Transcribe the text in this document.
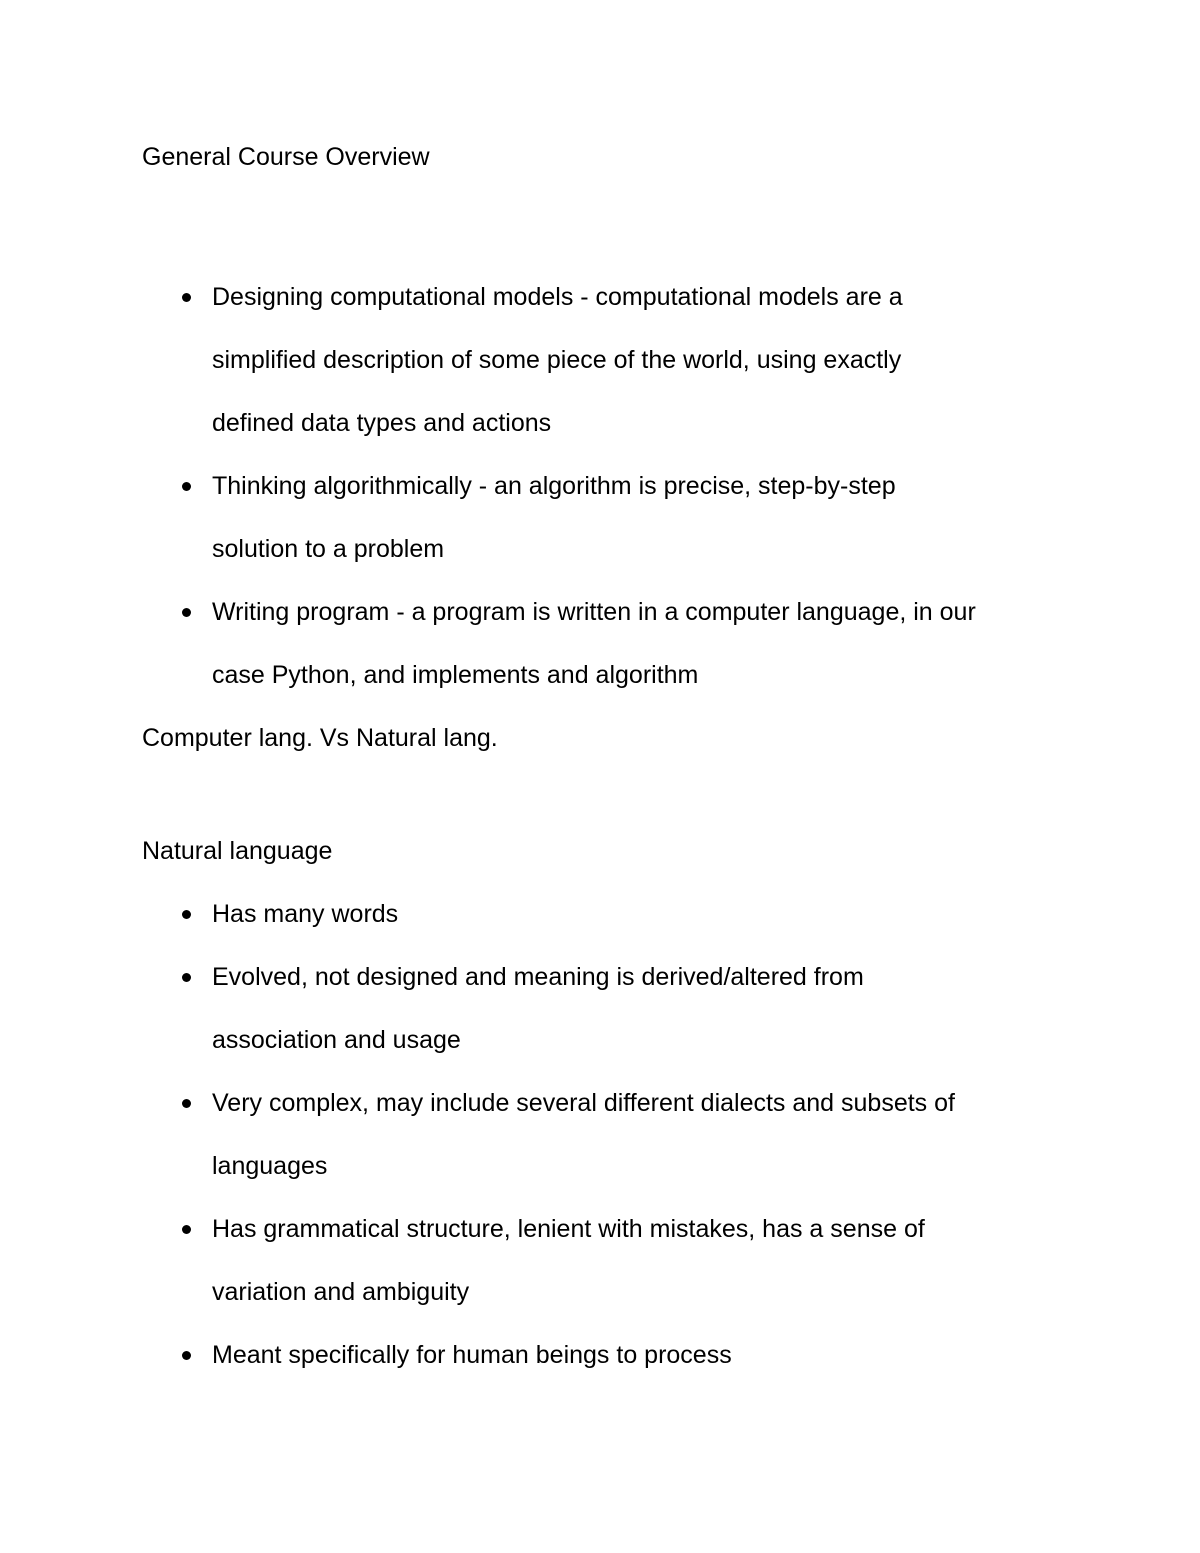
General Course Overview

Designing computational models - computational models are a
simplified description of some piece of the world, using exactly
defined data types and actions
Thinking algorithmically - an algorithm is precise, step-by-step
solution to a problem
Writing program - a program is written in a computer language, in our
case Python, and implements and algorithm

Computer lang. Vs Natural lang.

Natural language

Has many words
Evolved, not designed and meaning is derived/altered from
association and usage
Very complex, may include several different dialects and subsets of
languages
Has grammatical structure, lenient with mistakes, has a sense of
variation and ambiguity
Meant specifically for human beings to process
